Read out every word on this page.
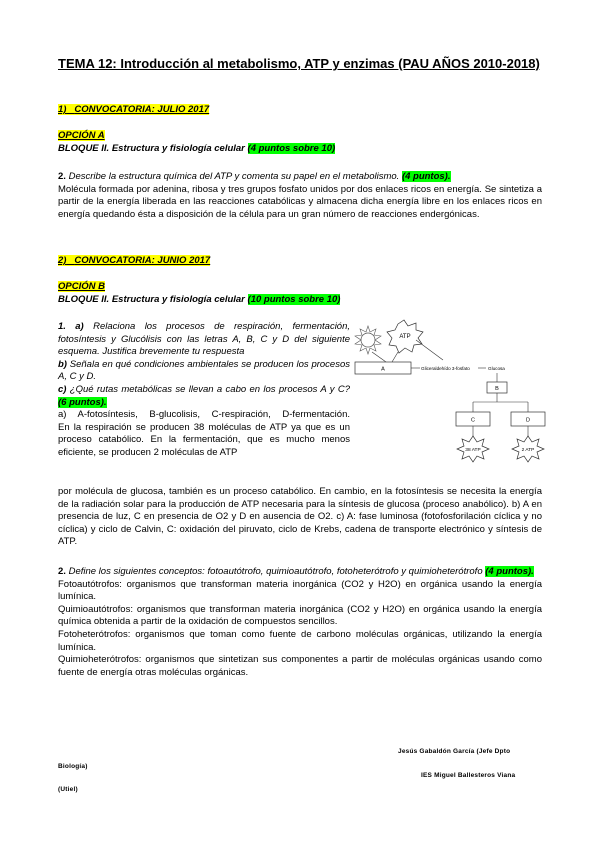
TEMA 12: Introducción al metabolismo, ATP y enzimas (PAU AÑOS 2010-2018)
1) CONVOCATORIA: JULIO 2017
OPCIÓN A
BLOQUE II. Estructura y fisiología celular (4 puntos sobre 10)
2. Describe la estructura química del ATP y comenta su papel en el metabolismo. (4 puntos).
Molécula formada por adenina, ribosa y tres grupos fosfato unidos por dos enlaces ricos en energía. Se sintetiza a partir de la energía liberada en las reacciones catabólicas y almacena dicha energía libre en los enlaces ricos en energía quedando ésta a disposición de la célula para un gran número de reacciones endergónicas.
2) CONVOCATORIA: JUNIO 2017
OPCIÓN B
BLOQUE II. Estructura y fisiología celular (10 puntos sobre 10)
1. a) Relaciona los procesos de respiración, fermentación, fotosíntesis y Glucólisis con las letras A, B, C y D del siguiente esquema. Justifica brevemente tu respuesta
b) Señala en qué condiciones ambientales se producen los procesos A, C y D.
c) ¿Qué rutas metabólicas se llevan a cabo en los procesos A y C? (6 puntos).

a) A-fotosíntesis, B-glucolisis, C-respiración, D-fermentación.
En la respiración se producen 38 moléculas de ATP ya que es un proceso catabólico. En la fermentación, que es mucho menos eficiente, se producen 2 moléculas de ATP
por molécula de glucosa, también es un proceso catabólico. En cambio, en la fotosíntesis se necesita la energía de la radiación solar para la producción de ATP necesaria para la síntesis de glucosa (proceso anabólico). b) A en presencia de luz, C en presencia de O2 y D en ausencia de O2. c) A: fase luminosa (fotofosforilación cíclica y no cíclica) y ciclo de Calvin, C: oxidación del piruvato, ciclo de Krebs, cadena de transporte electrónico y síntesis de ATP.
2. Define los siguientes conceptos: fotoautótrofo, quimioautótrofo, fotoheterótrofo y quimioheterótrofo (4 puntos).
Fotoautótrofos: organismos que transforman materia inorgánica (CO2 y H2O) en orgánica usando la energía lumínica.
Quimioautótrofos: organismos que transforman materia inorgánica (CO2 y H2O) en orgánica usando la energía química obtenida a partir de la oxidación de compuestos sencillos.
Fotoheterótrofos: organismos que toman como fuente de carbono moléculas orgánicas, utilizando la energía lumínica.
Quimioheterótrofos: organismos que sintetizan sus componentes a partir de moléculas orgánicas usando como fuente de energía otras moléculas orgánicas.
ATP
A	Gliceraldehído 3-fosfato	Glucosa
B
C	D
38 ATP	2 ATP
Jesús Gabaldón García (Jefe Dpto
Biología)
IES Miguel Ballesteros Viana
(Utiel)
